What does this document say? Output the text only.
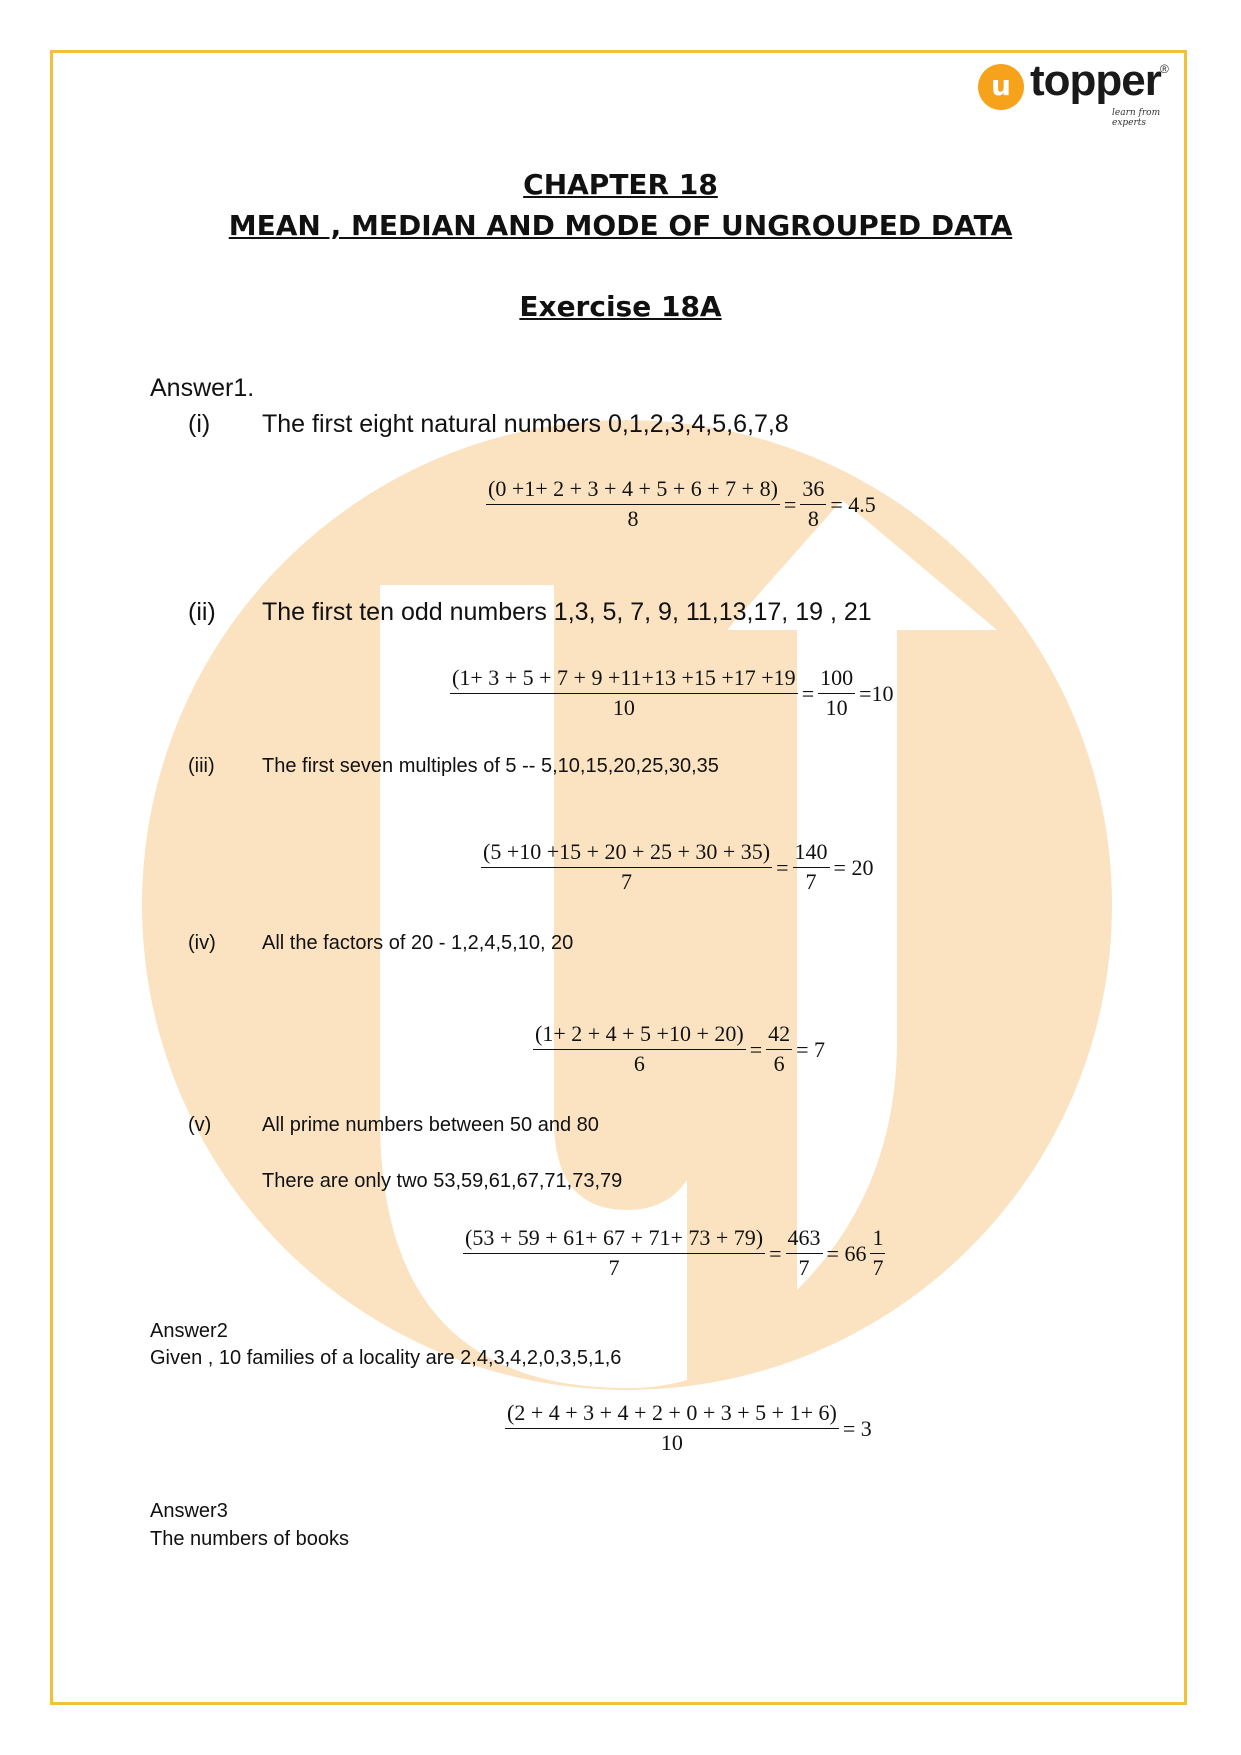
u topper ®
learn from experts
CHAPTER 18
MEAN , MEDIAN AND MODE OF UNGROUPED DATA
Exercise 18A
Answer1.
(i) The first eight natural numbers 0,1,2,3,4,5,6,7,8
$\frac{(0 +1+ 2 + 3 + 4 + 5 + 6 + 7 + 8)}{8} = \frac{36}{8} = 4.5$
(ii) The first ten odd numbers 1,3, 5, 7, 9, 11,13,17, 19 , 21
$\frac{(1+ 3 + 5 + 7 + 9 +11+13 +15 +17 +19}{10} = \frac{100}{10} =10$
(iii) The first seven multiples of 5 -- 5,10,15,20,25,30,35
$\frac{(5 +10 +15 + 20 + 25 + 30 + 35)}{7} = \frac{140}{7} = 20$
(iv) All the factors of 20 - 1,2,4,5,10, 20
$\frac{(1+ 2 + 4 + 5 +10 + 20)}{6} = \frac{42}{6} = 7$
(v)	All prime numbers between 50 and 80
There are only two 53,59,61,67,71,73,79
$\frac{(53 + 59 + 61+ 67 + 71+ 73 + 79)}{7} = \frac{463}{7} = 66 \frac{1}{7}$
Answer2
Given , 10 families of a locality are 2,4,3,4,2,0,3,5,1,6
$\frac{(2 + 4 + 3 + 4 + 2 + 0 + 3 + 5 + 1+ 6)}{10} = 3$
Answer3
The numbers of books
